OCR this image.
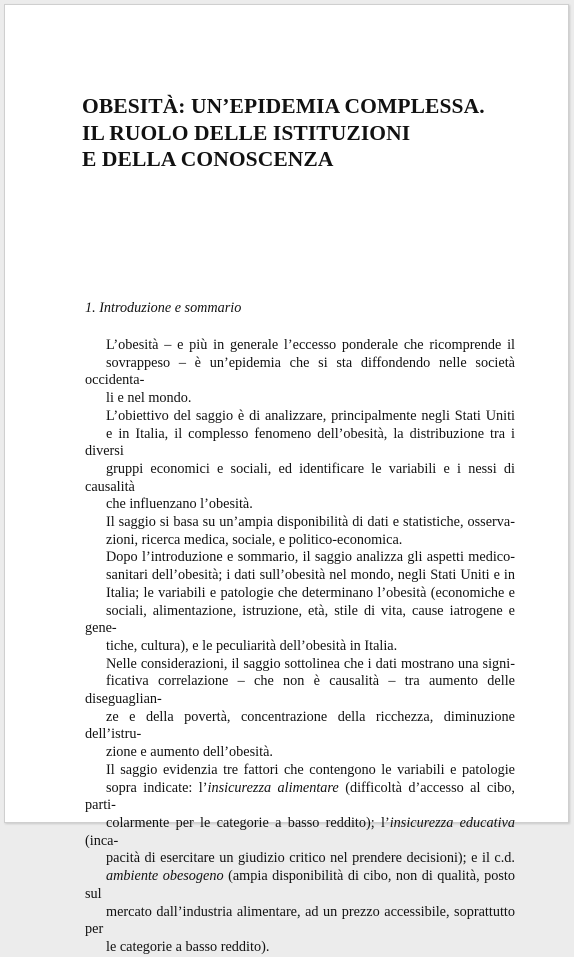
OBESITÀ: UN’EPIDEMIA COMPLESSA.
IL RUOLO DELLE ISTITUZIONI
E DELLA CONOSCENZA
1. Introduzione e sommario

L’obesità – e più in generale l’eccesso ponderale che ricomprende il
sovrappeso – è un’epidemia che si sta diffondendo nelle società occidenta-
li e nel mondo.

L’obiettivo del saggio è di analizzare, principalmente negli Stati Uniti
e in Italia, il complesso fenomeno dell’obesità, la distribuzione tra i diversi
gruppi economici e sociali, ed identificare le variabili e i nessi di causalità
che influenzano l’obesità.

Il saggio si basa su un’ampia disponibilità di dati e statistiche, osserva-
zioni, ricerca medica, sociale, e politico-economica.

Dopo l’introduzione e sommario, il saggio analizza gli aspetti medico-
sanitari dell’obesità; i dati sull’obesità nel mondo, negli Stati Uniti e in
Italia; le variabili e patologie che determinano l’obesità (economiche e
sociali, alimentazione, istruzione, età, stile di vita, cause iatrogene e gene-
tiche, cultura), e le peculiarità dell’obesità in Italia.

Nelle considerazioni, il saggio sottolinea che i dati mostrano una signi-
ficativa correlazione – che non è causalità – tra aumento delle diseguaglian-
ze e della povertà, concentrazione della ricchezza, diminuzione dell’istru-
zione e aumento dell’obesità.

Il saggio evidenzia tre fattori che contengono le variabili e patologie
sopra indicate: l’insicurezza alimentare (difficoltà d’accesso al cibo, parti-
colarmente per le categorie a basso reddito); l’insicurezza educativa (inca-
pacità di esercitare un giudizio critico nel prendere decisioni); e il c.d.
ambiente obesogeno (ampia disponibilità di cibo, non di qualità, posto sul
mercato dall’industria alimentare, ad un prezzo accessibile, soprattutto per
le categorie a basso reddito).
